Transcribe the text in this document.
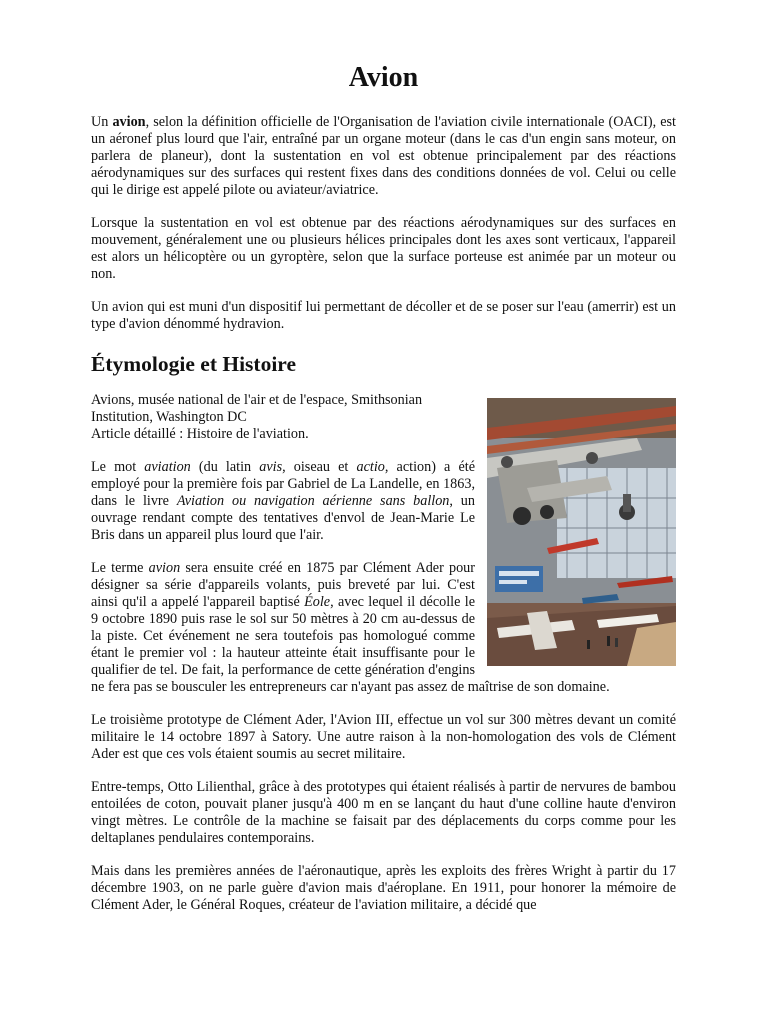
Avion

Un avion, selon la définition officielle de l'Organisation de l'aviation civile internationale (OACI), est un aéronef plus lourd que l'air, entraîné par un organe moteur (dans le cas d'un engin sans moteur, on parlera de planeur), dont la sustentation en vol est obtenue principalement par des réactions aérodynamiques sur des surfaces qui restent fixes dans des conditions données de vol. Celui ou celle qui le dirige est appelé pilote ou aviateur/aviatrice.

Lorsque la sustentation en vol est obtenue par des réactions aérodynamiques sur des surfaces en mouvement, généralement une ou plusieurs hélices principales dont les axes sont verticaux, l'appareil est alors un hélicoptère ou un gyroptère, selon que la surface porteuse est animée par un moteur ou non.

Un avion qui est muni d'un dispositif lui permettant de décoller et de se poser sur l'eau (amerrir) est un type d'avion dénommé hydravion.

Étymologie et Histoire
Avions, musée national de l'air et de l'espace, Smithsonian Institution, Washington DC
Article détaillé : Histoire de l'aviation.

Le mot aviation (du latin avis, oiseau et actio, action) a été employé pour la première fois par Gabriel de La Landelle, en 1863, dans le livre Aviation ou navigation aérienne sans ballon, un ouvrage rendant compte des tentatives d'envol de Jean-Marie Le Bris dans un appareil plus lourd que l'air.

Le terme avion sera ensuite créé en 1875 par Clément Ader pour désigner sa série d'appareils volants, puis breveté par lui. C'est ainsi qu'il a appelé l'appareil baptisé Éole, avec lequel il décolle le 9 octobre 1890 puis rase le sol sur 50 mètres à 20 cm au-dessus de la piste. Cet événement ne sera toutefois pas homologué comme étant le premier vol : la hauteur atteinte était insuffisante pour le qualifier de tel. De fait, la performance de cette génération d'engins ne fera pas se bousculer les entrepreneurs car n'ayant pas assez de maîtrise de son domaine.

Le troisième prototype de Clément Ader, l'Avion III, effectue un vol sur 300 mètres devant un comité militaire le 14 octobre 1897 à Satory. Une autre raison à la non-homologation des vols de Clément Ader est que ces vols étaient soumis au secret militaire.

Entre-temps, Otto Lilienthal, grâce à des prototypes qui étaient réalisés à partir de nervures de bambou entoilées de coton, pouvait planer jusqu'à 400 m en se lançant du haut d'une colline haute d'environ vingt mètres. Le contrôle de la machine se faisait par des déplacements du corps comme pour les deltaplanes pendulaires contemporains.

Mais dans les premières années de l'aéronautique, après les exploits des frères Wright à partir du 17 décembre 1903, on ne parle guère d'avion mais d'aéroplane. En 1911, pour honorer la mémoire de Clément Ader, le Général Roques, créateur de l'aviation militaire, a décidé que
